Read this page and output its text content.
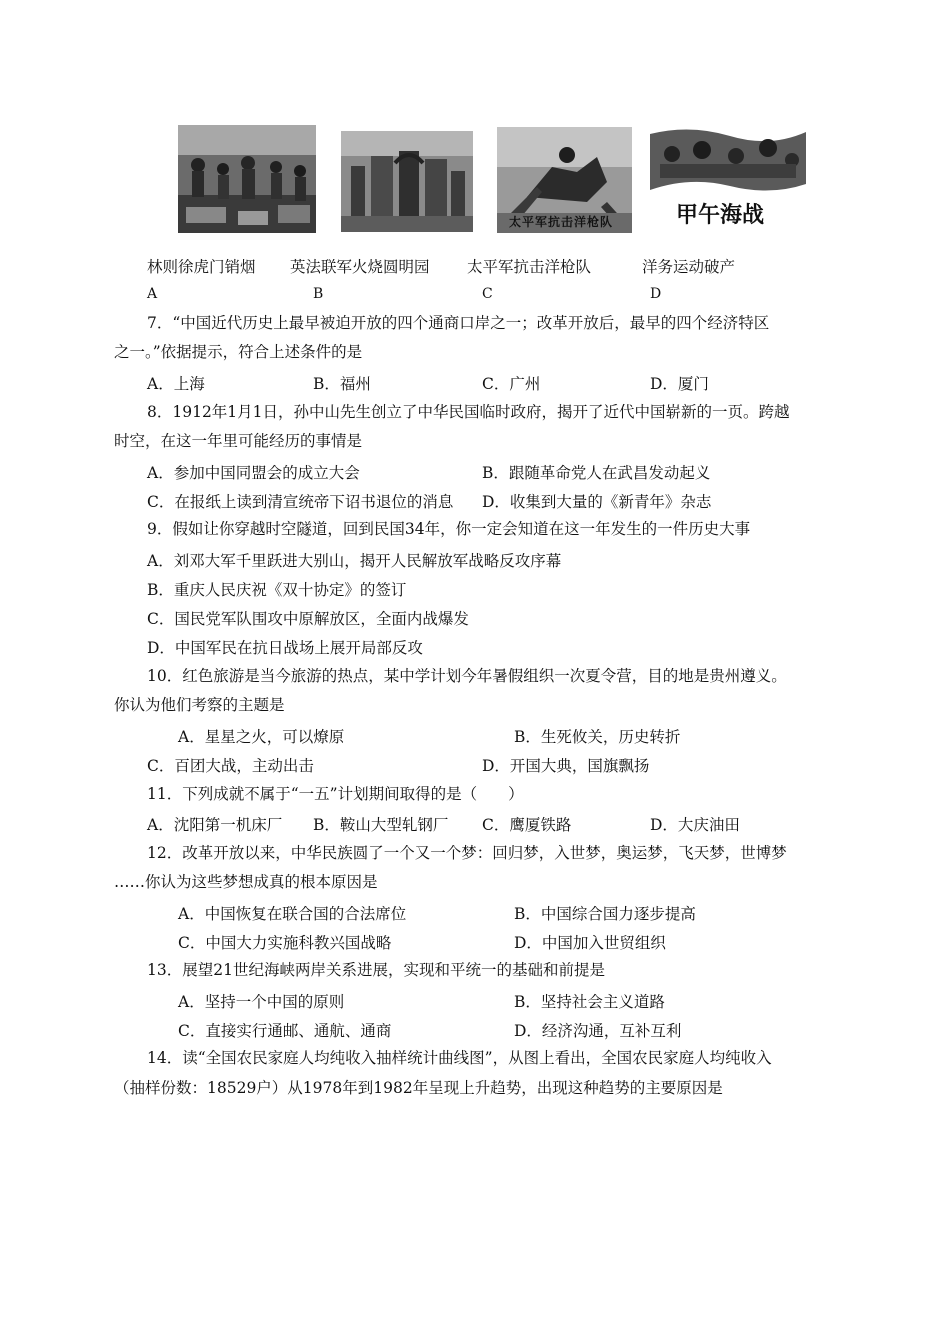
太平军抗击洋枪队	甲午海战
林则徐虎门销烟 英法联军火烧圆明园 太平军抗击洋枪队	洋务运动破产
A	B	C	D
7．“中国近代历史上最早被迫开放的四个通商口岸之一；改革开放后，最早的四个经济特区
之一。”依据提示，符合上述条件的是
A．上海	B．福州	C．广州	D．厦门
8．1912年1月1日，孙中山先生创立了中华民国临时政府，揭开了近代中国崭新的一页。跨越
时空，在这一年里可能经历的事情是
A．参加中国同盟会的成立大会	B．跟随革命党人在武昌发动起义
C．在报纸上读到清宣统帝下诏书退位的消息 D．收集到大量的《新青年》杂志
9．假如让你穿越时空隧道，回到民国34年，你一定会知道在这一年发生的一件历史大事
A．刘邓大军千里跃进大别山，揭开人民解放军战略反攻序幕
B．重庆人民庆祝《双十协定》的签订
C．国民党军队围攻中原解放区，全面内战爆发
D．中国军民在抗日战场上展开局部反攻
10．红色旅游是当今旅游的热点，某中学计划今年暑假组织一次夏令营，目的地是贵州遵义。
你认为他们考察的主题是
A．星星之火，可以燎原	B．生死攸关，历史转折
C．百团大战，主动出击	D．开国大典，国旗飘扬
11．下列成就不属于“一五”计划期间取得的是（　　）
A．沈阳第一机床厂 B．鞍山大型轧钢厂 C．鹰厦铁路	D．大庆油田
12．改革开放以来，中华民族圆了一个又一个梦：回归梦，入世梦，奥运梦，飞天梦，世博梦
……你认为这些梦想成真的根本原因是
A．中国恢复在联合国的合法席位	B．中国综合国力逐步提高
C．中国大力实施科教兴国战略	D．中国加入世贸组织
13．展望21世纪海峡两岸关系进展，实现和平统一的基础和前提是
A．坚持一个中国的原则	B．坚持社会主义道路
C．直接实行通邮、通航、通商	D．经济沟通，互补互利
14．读“全国农民家庭人均纯收入抽样统计曲线图”，从图上看出，全国农民家庭人均纯收入
（抽样份数：18529户）从1978年到1982年呈现上升趋势，出现这种趋势的主要原因是
